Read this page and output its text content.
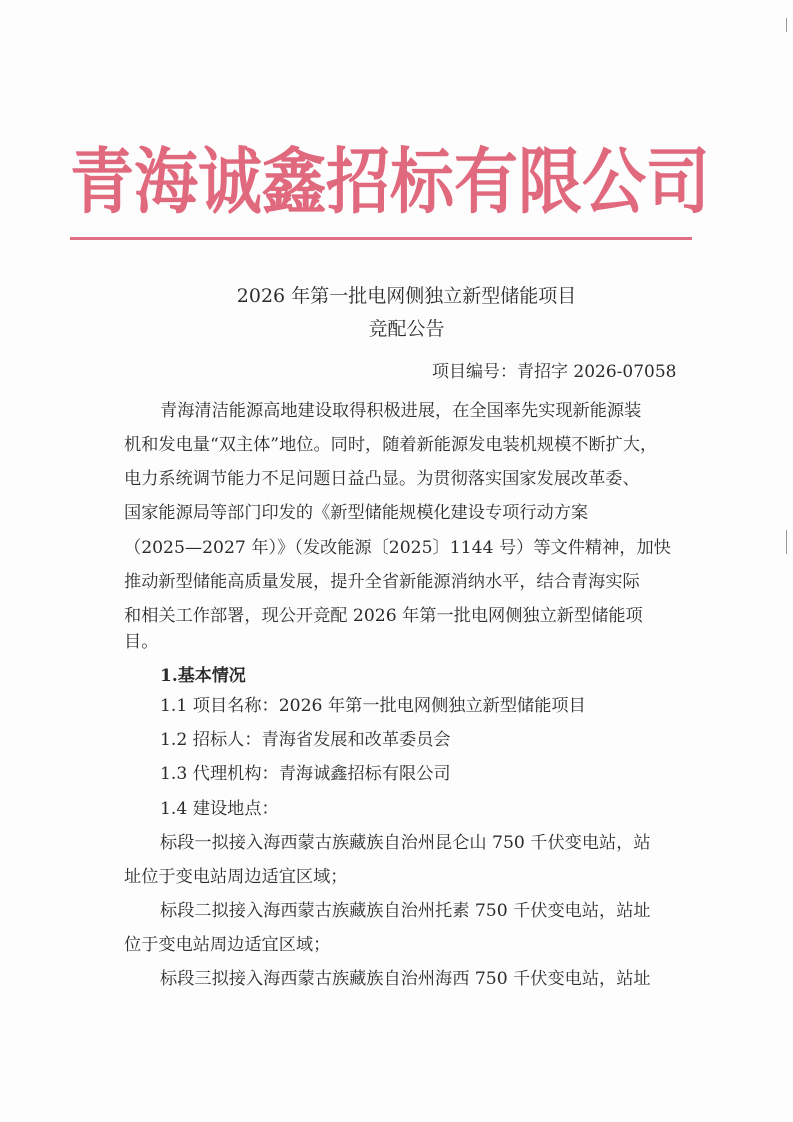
青海诚鑫招标有限公司
2026 年第一批电网侧独立新型储能项目
竞配公告
项目编号：青招字 2026-07058
青海清洁能源高地建设取得积极进展，在全国率先实现新能源装
机和发电量“双主体”地位。同时，随着新能源发电装机规模不断扩大，
电力系统调节能力不足问题日益凸显。为贯彻落实国家发展改革委、
国家能源局等部门印发的《新型储能规模化建设专项行动方案
（2025—2027 年）》（发改能源〔2025〕1144 号）等文件精神，加快
推动新型储能高质量发展，提升全省新能源消纳水平，结合青海实际
和相关工作部署，现公开竞配 2026 年第一批电网侧独立新型储能项
目。
1.基本情况
1.1 项目名称：2026 年第一批电网侧独立新型储能项目
1.2 招标人：青海省发展和改革委员会
1.3 代理机构：青海诚鑫招标有限公司
1.4 建设地点：
标段一拟接入海西蒙古族藏族自治州昆仑山 750 千伏变电站，站
址位于变电站周边适宜区域；
标段二拟接入海西蒙古族藏族自治州托素 750 千伏变电站，站址
位于变电站周边适宜区域；
标段三拟接入海西蒙古族藏族自治州海西 750 千伏变电站，站址
